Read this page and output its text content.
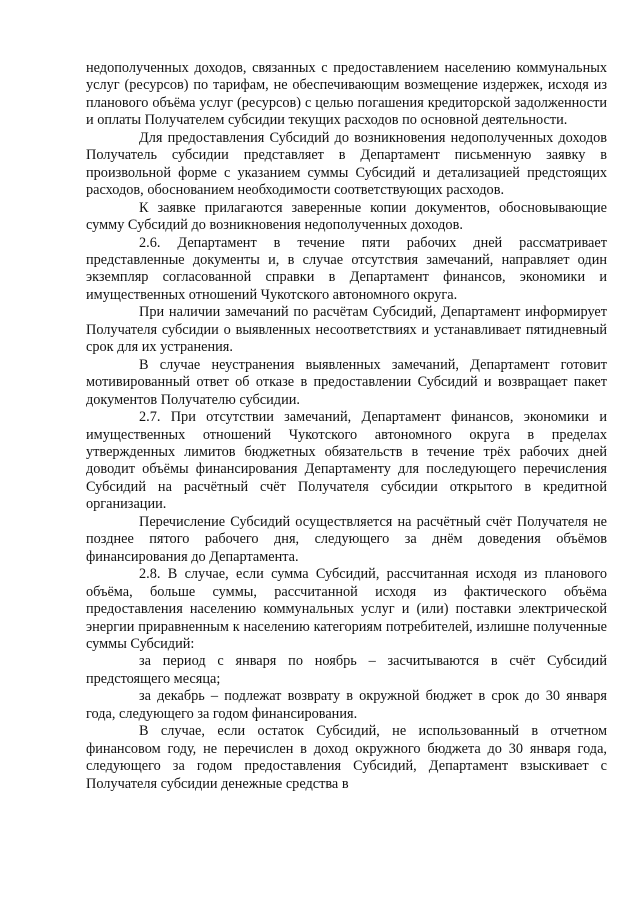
недополученных доходов, связанных с предоставлением населению коммунальных услуг (ресурсов) по тарифам, не обеспечивающим возмещение издержек, исходя из планового объёма услуг (ресурсов) с целью погашения кредиторской задолженности и оплаты Получателем субсидии текущих расходов по основной деятельности.

Для предоставления Субсидий до возникновения недополученных доходов Получатель субсидии представляет в Департамент письменную заявку в произвольной форме с указанием суммы Субсидий и детализацией предстоящих расходов, обоснованием необходимости соответствующих расходов.

К заявке прилагаются заверенные копии документов, обосновывающие сумму Субсидий до возникновения недополученных доходов.

2.6. Департамент в течение пяти рабочих дней рассматривает представленные документы и, в случае отсутствия замечаний, направляет один экземпляр согласованной справки в Департамент финансов, экономики и имущественных отношений Чукотского автономного округа.

При наличии замечаний по расчётам Субсидий, Департамент информирует Получателя субсидии о выявленных несоответствиях и устанавливает пятидневный срок для их устранения.

В случае неустранения выявленных замечаний, Департамент готовит мотивированный ответ об отказе в предоставлении Субсидий и возвращает пакет документов Получателю субсидии.

2.7. При отсутствии замечаний, Департамент финансов, экономики и имущественных отношений Чукотского автономного округа в пределах утвержденных лимитов бюджетных обязательств в течение трёх рабочих дней доводит объёмы финансирования Департаменту для последующего перечисления Субсидий на расчётный счёт Получателя субсидии открытого в кредитной организации.

Перечисление Субсидий осуществляется на расчётный счёт Получателя не позднее пятого рабочего дня, следующего за днём доведения объёмов финансирования до Департамента.

2.8. В случае, если сумма Субсидий, рассчитанная исходя из планового объёма, больше суммы, рассчитанной исходя из фактического объёма предоставления населению коммунальных услуг и (или) поставки электрической энергии приравненным к населению категориям потребителей, излишне полученные суммы Субсидий:

за период с января по ноябрь – засчитываются в счёт Субсидий предстоящего месяца;

за декабрь – подлежат возврату в окружной бюджет в срок до 30 января года, следующего за годом финансирования.

В случае, если остаток Субсидий, не использованный в отчетном финансовом году, не перечислен в доход окружного бюджета до 30 января года, следующего за годом предоставления Субсидий, Департамент взыскивает с Получателя субсидии денежные средства в
